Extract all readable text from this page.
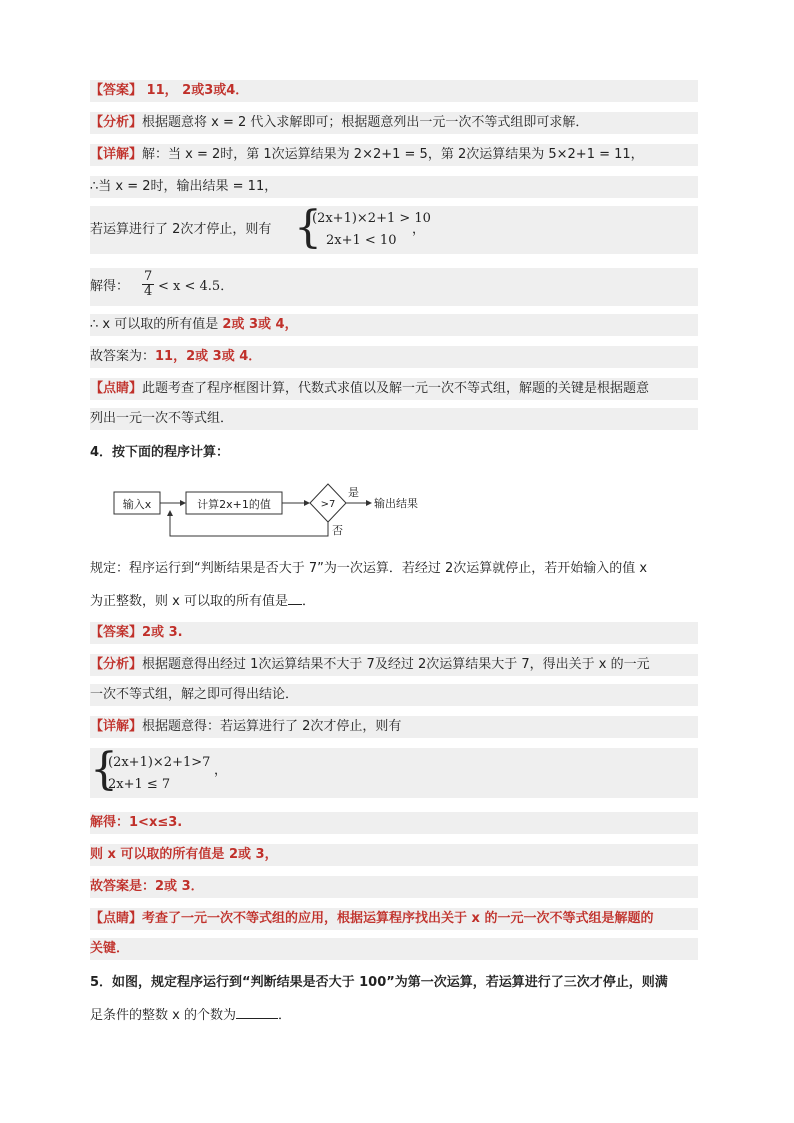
【答案】 11， 2或3或4．
【分析】根据题意将 x = 2 代入求解即可；根据题意列出一元一次不等式组即可求解．
【详解】解：当 x = 2时，第 1次运算结果为 2×2+1 = 5，第 2次运算结果为 5×2+1 = 11，
∴当 x = 2时，输出结果 = 11，
若运算进行了 2次才停止，则有 {
(2x+1)×2+1 > 10
2x+1 < 10
，
解得： $\frac{7}{4} < x < 4.5$．
∴ x 可以取的所有值是 2或 3或 4，
故答案为：11，2或 3或 4．
【点睛】此题考查了程序框图计算，代数式求值以及解一元一次不等式组，解题的关键是根据题意
列出一元一次不等式组．
4．按下面的程序计算：
输入x	计算2x+1的值	>7
是
输出结果
否
规定：程序运行到“判断结果是否大于 7”为一次运算．若经过 2次运算就停止，若开始输入的值 x
为正整数，则 x 可以取的所有值是 ．
【答案】2或 3.
【分析】根据题意得出经过 1次运算结果不大于 7及经过 2次运算结果大于 7，得出关于 x 的一元
一次不等式组，解之即可得出结论．
【详解】根据题意得：若运算进行了 2次才停止，则有
{
(2x+1)×2+1>7
2x+1 ≤ 7
，
解得：1<x≤3.
则 x 可以取的所有值是 2或 3，
故答案是：2或 3．
【点睛】考查了一元一次不等式组的应用，根据运算程序找出关于 x 的一元一次不等式组是解题的
关键．
5．如图，规定程序运行到“判断结果是否大于 100”为第一次运算，若运算进行了三次才停止，则满
足条件的整数 x 的个数为	．
